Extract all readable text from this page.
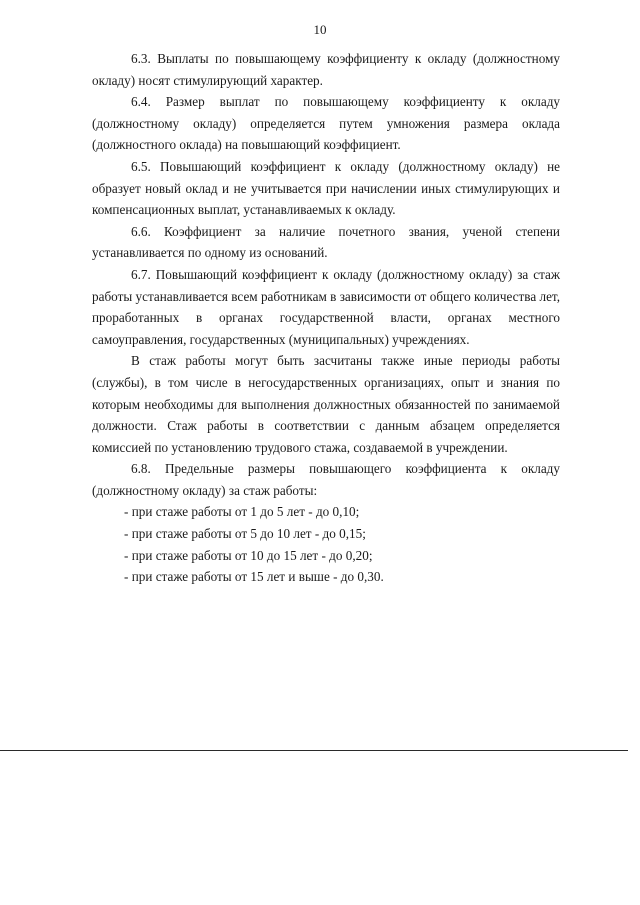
10

6.3. Выплаты по повышающему коэффициенту к окладу (должностному окладу) носят стимулирующий характер.

6.4. Размер выплат по повышающему коэффициенту к окладу (должностному окладу) определяется путем умножения размера оклада (должностного оклада) на повышающий коэффициент.

6.5. Повышающий коэффициент к окладу (должностному окладу) не образует новый оклад и не учитывается при начислении иных стимулирующих и компенсационных выплат, устанавливаемых к окладу.

6.6. Коэффициент за наличие почетного звания, ученой степени устанавливается по одному из оснований.

6.7. Повышающий коэффициент к окладу (должностному окладу) за стаж работы устанавливается всем работникам в зависимости от общего количества лет, проработанных в органах государственной власти, органах местного самоуправления, государственных (муниципальных) учреждениях.

В стаж работы могут быть засчитаны также иные периоды работы (службы), в том числе в негосударственных организациях, опыт и знания по которым необходимы для выполнения должностных обязанностей по занимаемой должности. Стаж работы в соответствии с данным абзацем определяется комиссией по установлению трудового стажа, создаваемой в учреждении.

6.8. Предельные размеры повышающего коэффициента к окладу (должностному окладу) за стаж работы:

- при стаже работы от 1 до 5 лет - до 0,10;
- при стаже работы от 5 до 10 лет - до 0,15;
- при стаже работы от 10 до 15 лет - до 0,20;
- при стаже работы от 15 лет и выше - до 0,30.
